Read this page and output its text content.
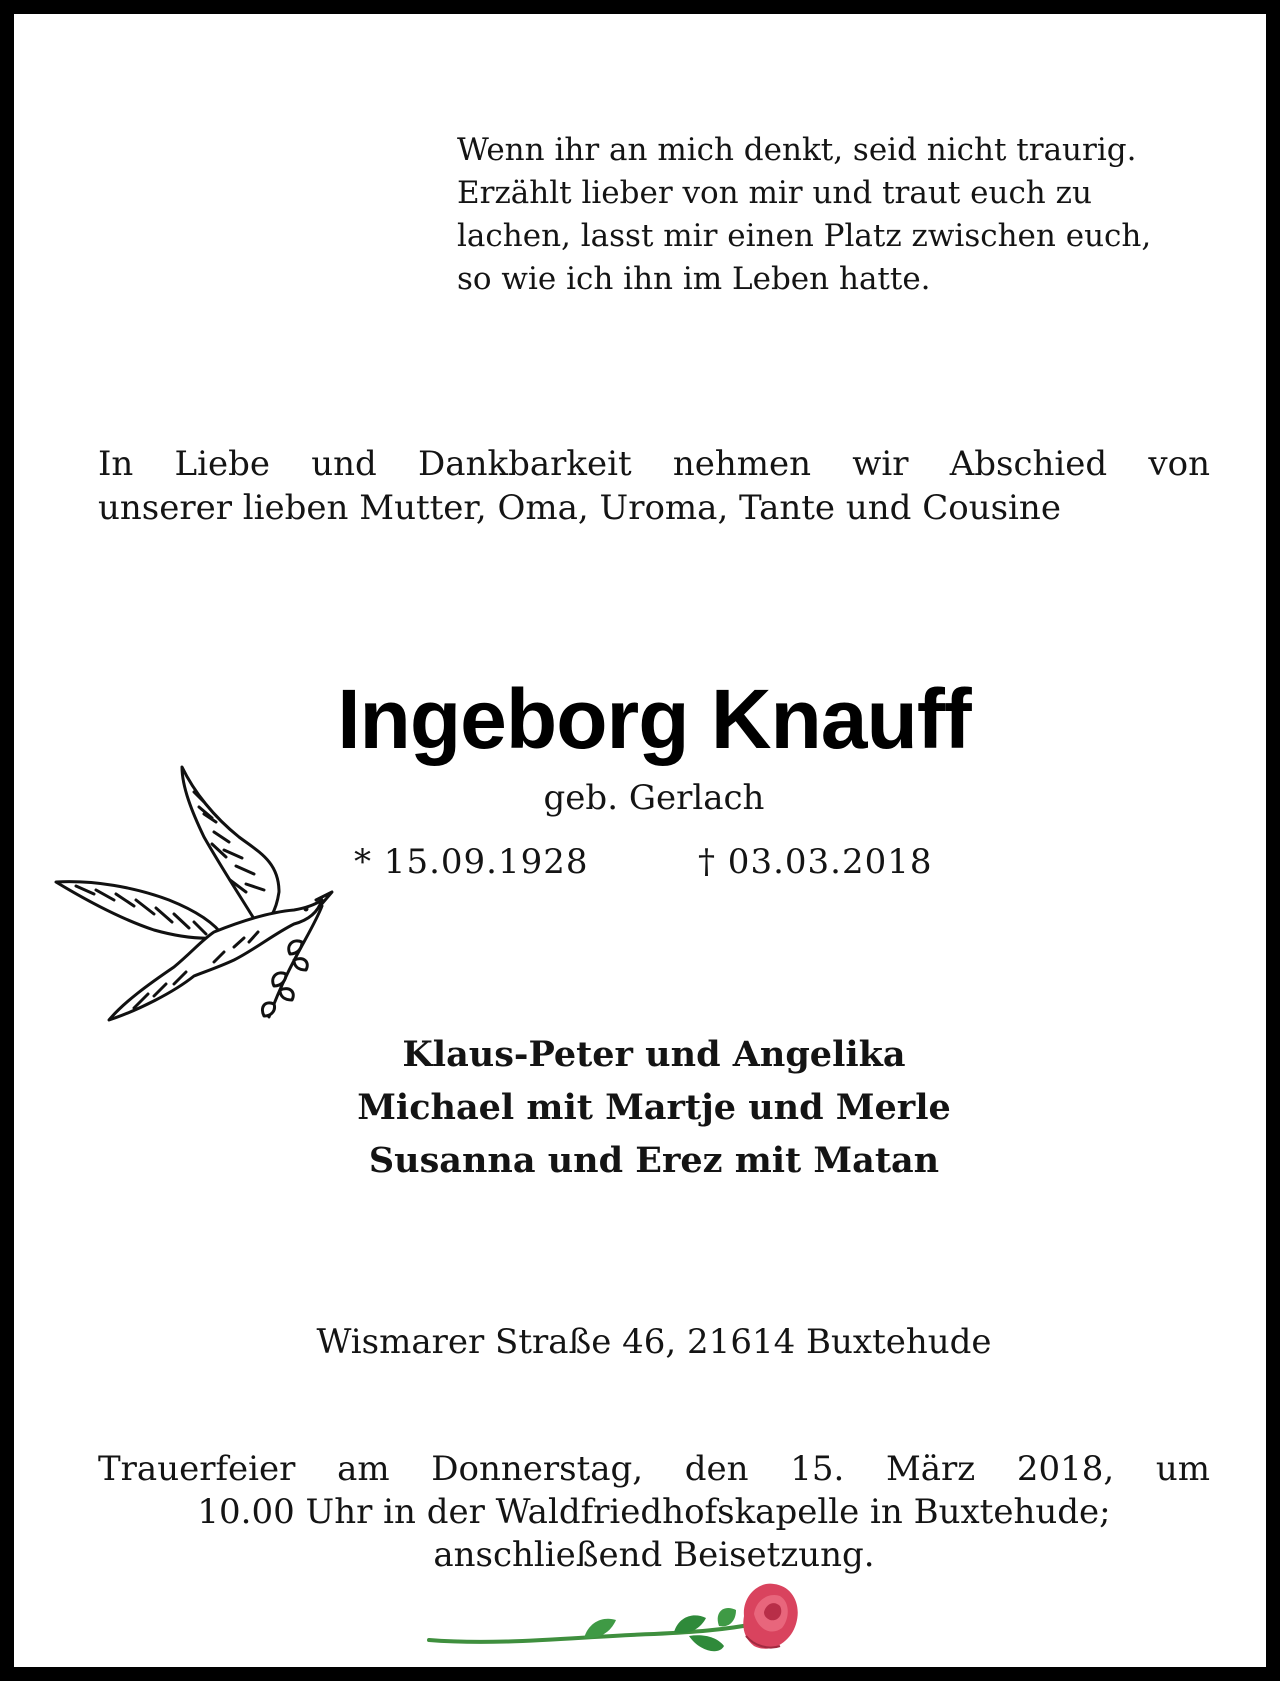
Wenn ihr an mich denkt, seid nicht traurig.
Erzählt lieber von mir und traut euch zu
lachen, lasst mir einen Platz zwischen euch,
so wie ich ihn im Leben hatte.
In Liebe und Dankbarkeit nehmen wir Abschied von
unserer lieben Mutter, Oma, Uroma, Tante und Cousine
Ingeborg Knauff
geb. Gerlach
* 15.09.1928	† 03.03.2018
Klaus-Peter und Angelika
Michael mit Martje und Merle
Susanna und Erez mit Matan
Wismarer Straße 46, 21614 Buxtehude
Trauerfeier am Donnerstag, den 15. März 2018, um
10.00 Uhr in der Waldfriedhofskapelle in Buxtehude;
anschließend Beisetzung.
